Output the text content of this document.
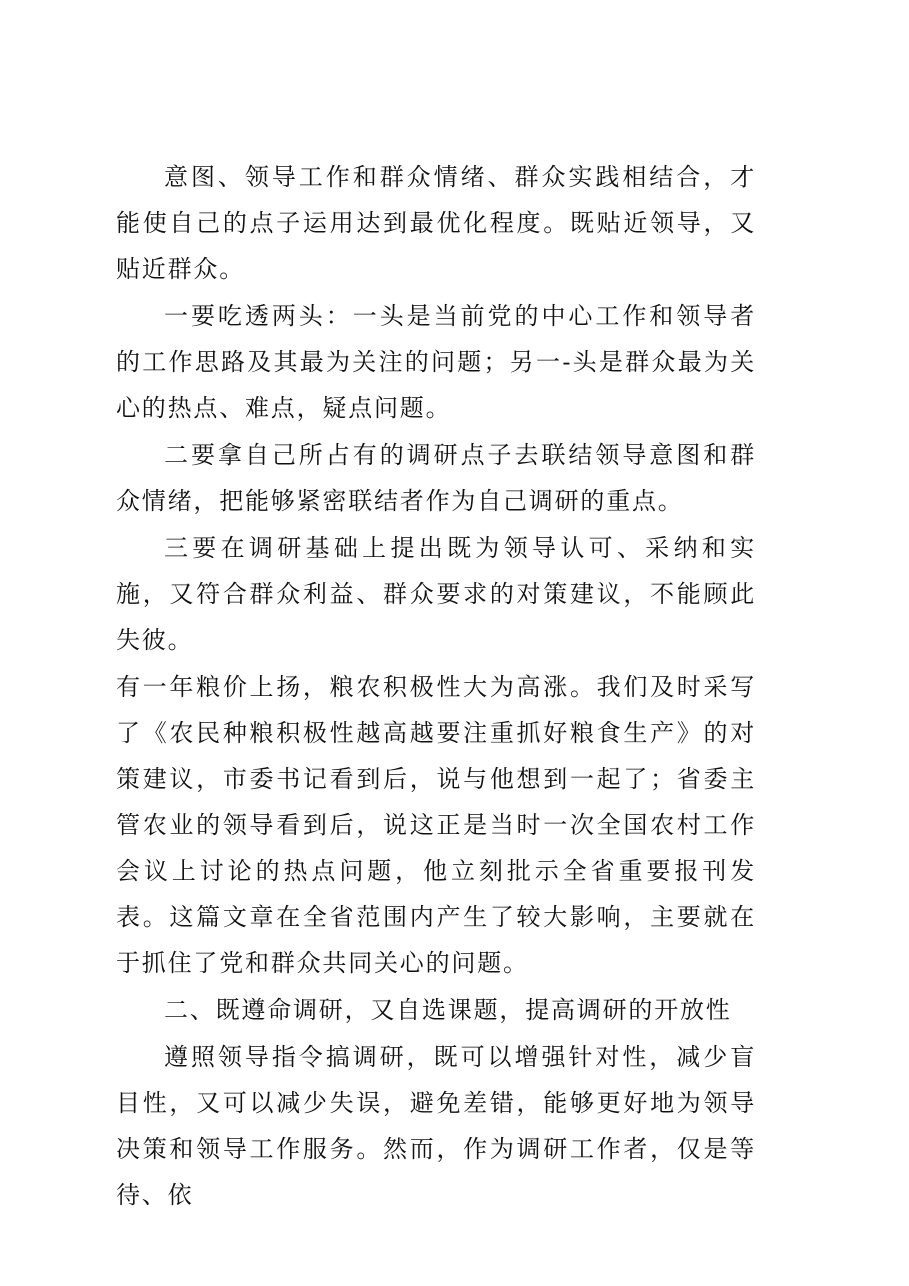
意图、领导工作和群众情绪、群众实践相结合，才能使自己的点子运用达到最优化程度。既贴近领导，又贴近群众。

一要吃透两头：一头是当前党的中心工作和领导者的工作思路及其最为关注的问题；另一-头是群众最为关心的热点、难点，疑点问题。

二要拿自己所占有的调研点子去联结领导意图和群众情绪，把能够紧密联结者作为自己调研的重点。

三要在调研基础上提出既为领导认可、采纳和实施，又符合群众利益、群众要求的对策建议，不能顾此失彼。

有一年粮价上扬，粮农积极性大为高涨。我们及时采写了《农民种粮积极性越高越要注重抓好粮食生产》的对策建议，市委书记看到后，说与他想到一起了；省委主管农业的领导看到后，说这正是当时一次全国农村工作会议上讨论的热点问题，他立刻批示全省重要报刊发表。这篇文章在全省范围内产生了较大影响，主要就在于抓住了党和群众共同关心的问题。

二、既遵命调研，又自选课题，提高调研的开放性

遵照领导指令搞调研，既可以增强针对性，减少盲目性，又可以减少失误，避免差错，能够更好地为领导决策和领导工作服务。然而，作为调研工作者，仅是等待、依
